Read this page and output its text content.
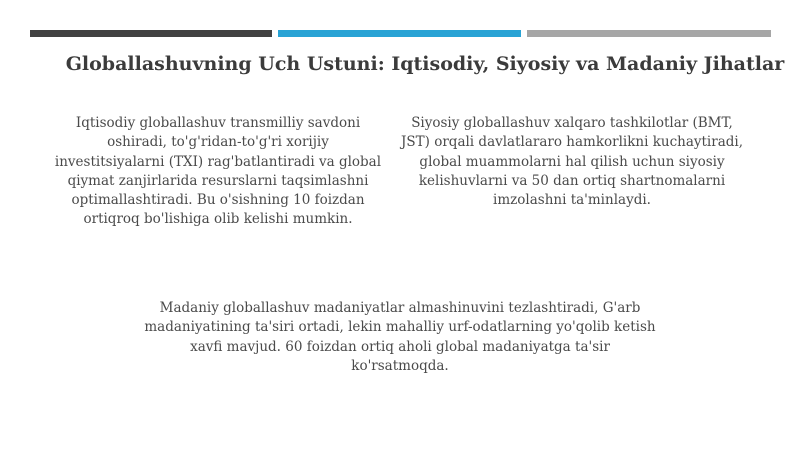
Globallashuvning Uch Ustuni: Iqtisodiy, Siyosiy va Madaniy Jihatlar
Iqtisodiy globallashuv transmilliy savdoni oshiradi, to'g'ridan-to'g'ri xorijiy investitsiyalarni (TXI) rag'batlantiradi va global qiymat zanjirlarida resurslarni taqsimlashni optimallashtiradi. Bu o'sishning 10 foizdan ortiqroq bo'lishiga olib kelishi mumkin.
Siyosiy globallashuv xalqaro tashkilotlar (BMT, JST) orqali davlatlararo hamkorlikni kuchaytiradi, global muammolarni hal qilish uchun siyosiy kelishuvlarni va 50 dan ortiq shartnomalarni imzolashni ta'minlaydi.
Madaniy globallashuv madaniyatlar almashinuvini tezlashtiradi, G'arb madaniyatining ta'siri ortadi, lekin mahalliy urf-odatlarning yo'qolib ketish xavfi mavjud. 60 foizdan ortiq aholi global madaniyatga ta'sir ko'rsatmoqda.
